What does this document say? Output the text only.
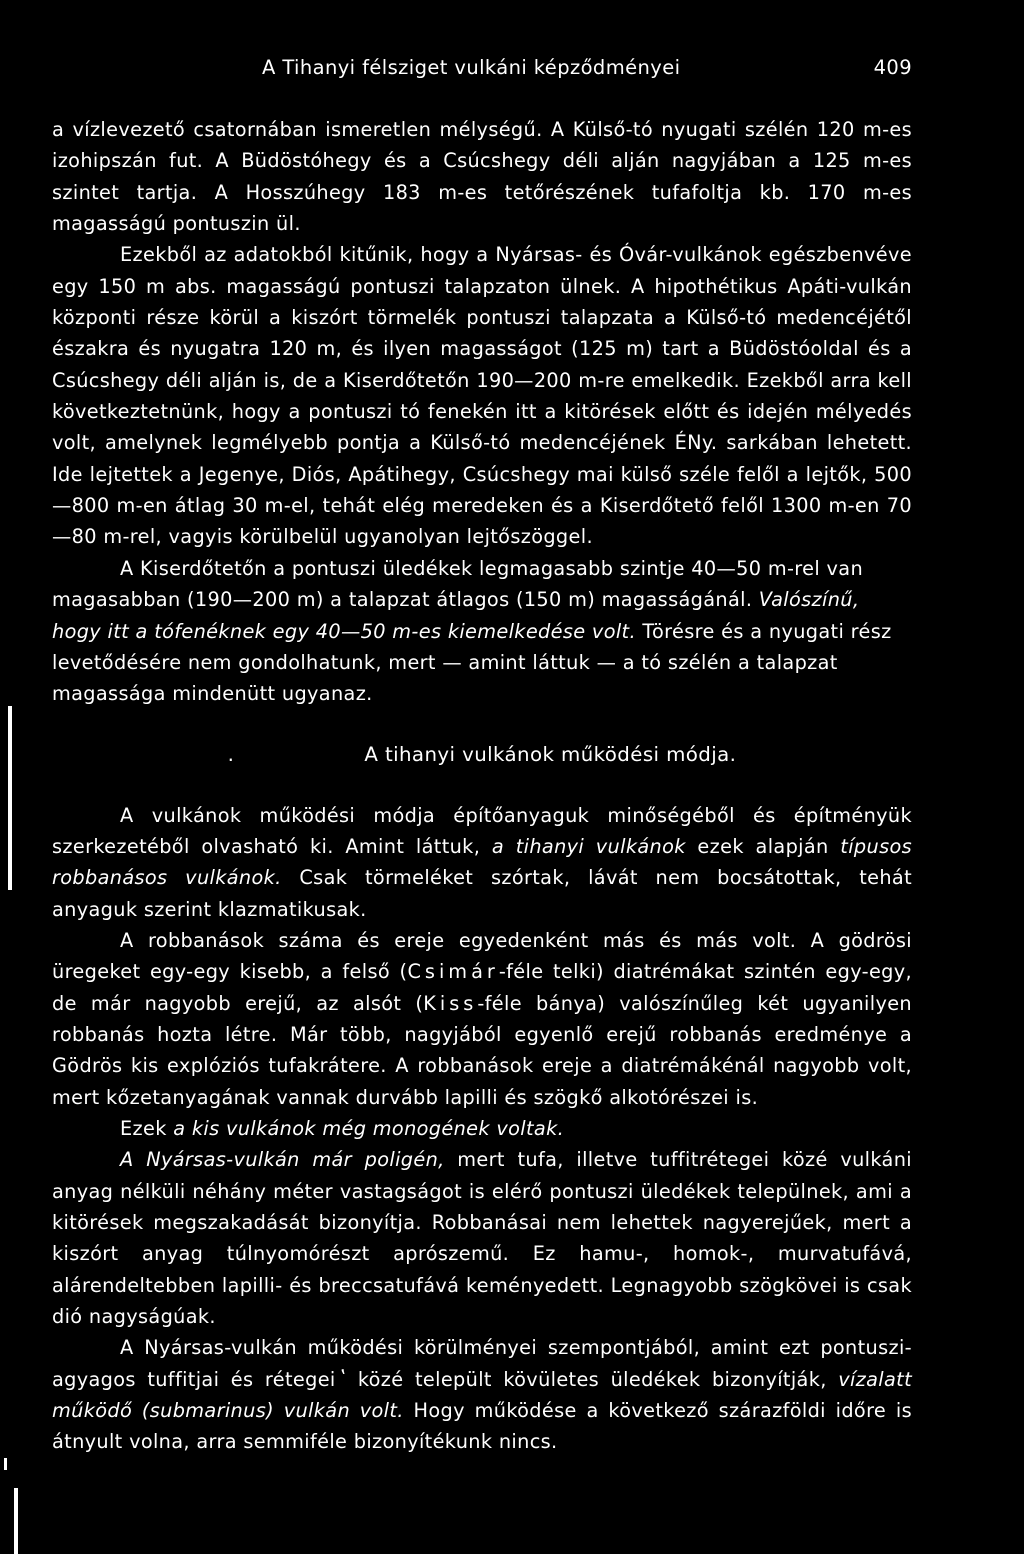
A Tihanyi félsziget vulkáni képződményei	409

a vízlevezető csatornában ismeretlen mélységű. A Külső-tó nyugati szélén 120 m-es izohipszán fut. A Büdöstóhegy és a Csúcshegy déli alján nagyjában a 125 m-es szintet tartja. A Hosszúhegy 183 m-es tetőrészének tufafoltja kb. 170 m-es magasságú pontuszin ül.

Ezekből az adatokból kitűnik, hogy a Nyársas- és Óvár-vulkánok egészbenvéve egy 150 m abs. magasságú pontuszi talapzaton ülnek. A hipothétikus Apáti-vulkán központi része körül a kiszórt törmelék pontuszi talapzata a Külső-tó medencéjétől északra és nyugatra 120 m, és ilyen magasságot (125 m) tart a Büdöstóoldal és a Csúcshegy déli alján is, de a Kiserdőtetőn 190—200 m-re emelkedik. Ezekből arra kell következtetnünk, hogy a pontuszi tó fenekén itt a kitörések előtt és idején mélyedés volt, amelynek legmélyebb pontja a Külső-tó medencéjének ÉNy. sarkában lehetett. Ide lejtettek a Jegenye, Diós, Apátihegy, Csúcshegy mai külső széle felől a lejtők, 500—800 m-en átlag 30 m-el, tehát elég meredeken és a Kiserdőtető felől 1300 m-en 70—80 m-rel, vagyis körülbelül ugyanolyan lejtőszöggel.

A Kiserdőtetőn a pontuszi üledékek legmagasabb szintje 40—50 m-rel van magasabban (190—200 m) a talapzat átlagos (150 m) magasságánál. Valószínű, hogy itt a tófenéknek egy 40—50 m-es kiemelkedése volt. Törésre és a nyugati rész levetődésére nem gondolhatunk, mert — amint láttuk — a tó szélén a talapzat magassága mindenütt ugyanaz.

.	A tihanyi vulkánok működési módja.

A vulkánok működési módja építőanyaguk minőségéből és építményük szerkezetéből olvasható ki. Amint láttuk, a tihanyi vulkánok ezek alapján típusos robbanásos vulkánok. Csak törmeléket szórtak, lávát nem bocsátottak, tehát anyaguk szerint klazmatikusak.

A robbanások száma és ereje egyedenként más és más volt. A gödrösi üregeket egy-egy kisebb, a felső (Csimár-féle telki) diatrémákat szintén egy-egy, de már nagyobb erejű, az alsót (Kiss-féle bánya) valószínűleg két ugyanilyen robbanás hozta létre. Már több, nagyjából egyenlő erejű robbanás eredménye a Gödrös kis explóziós tufakrátere. A robbanások ereje a diatrémákénál nagyobb volt, mert kőzetanyagának vannak durvább lapilli és szögkő alkotórészei is.

Ezek a kis vulkánok még monogének voltak.

A Nyársas-vulkán már poligén, mert tufa, illetve tuffitrétegei közé vulkáni anyag nélküli néhány méter vastagságot is elérő pontuszi üledékek települnek, ami a kitörések megszakadását bizonyítja. Robbanásai nem lehettek nagyerejűek, mert a kiszórt anyag túlnyomórészt aprószemű. Ez hamu-, homok-, murvatufává, alárendeltebben lapilli- és breccsatufává keményedett. Legnagyobb szögkövei is csak dió nagyságúak.

A Nyársas-vulkán működési körülményei szempontjából, amint ezt pontuszi-agyagos tuffitjai és rétegei ʽ közé települt kövületes üledékek bizonyítják, vízalatt működő (submarinus) vulkán volt. Hogy működése a következő szárazföldi időre is átnyult volna, arra semmiféle bizonyítékunk nincs.
